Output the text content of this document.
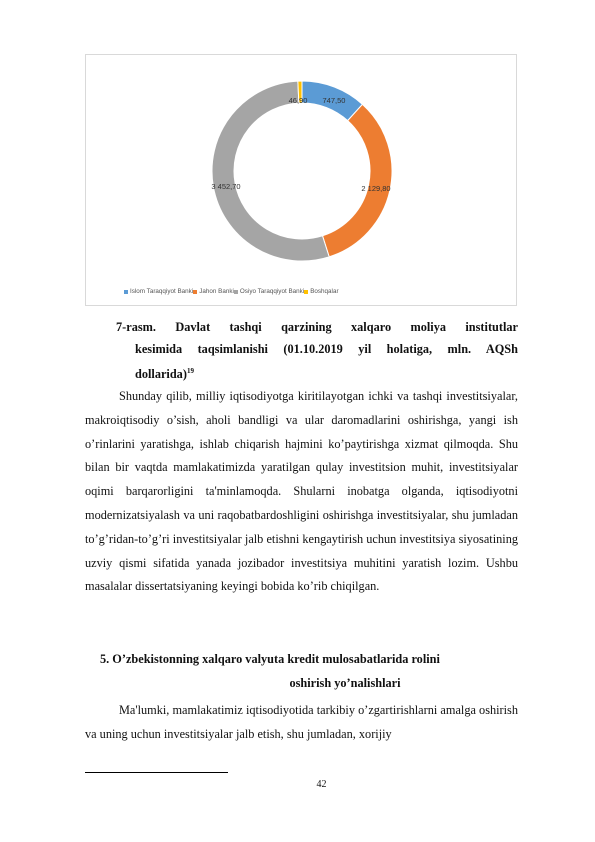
747,50
2 129,80
3 452,70
46,90
Islom Taraqqiyot Banki Jahon Banki Osiyo Taraqqiyot Banki Boshqalar
7-rasm. Davlat tashqi qarzining xalqaro moliya institutlar
kesimida taqsimlanishi (01.10.2019 yil holatiga, mln. AQSh
dollarida)$^{19}$
Shunday qilib, milliy iqtisodiyotga kiritilayotgan ichki va tashqi investitsiyalar, makroiqtisodiy o’sish, aholi bandligi va ular daromadlarini oshirishga, yangi ish o’rinlarini yaratishga, ishlab chiqarish hajmini ko’paytirishga xizmat qilmoqda. Shu bilan bir vaqtda mamlakatimizda yaratilgan qulay investitsion muhit, investitsiyalar oqimi barqarorligini ta'minlamoqda. Shularni inobatga olganda, iqtisodiyotni modernizatsiyalash va uni raqobatbardoshligini oshirishga investitsiyalar, shu jumladan to’g’ridan-to’g’ri investitsiyalar jalb etishni kengaytirish uchun investitsiya siyosatining uzviy qismi sifatida yanada jozibador investitsiya muhitini yaratish lozim. Ushbu masalalar dissertatsiyaning keyingi bobida ko’rib chiqilgan.
5. O’zbekistonning xalqaro valyuta kredit mulosabatlarida rolini
oshirish yo’nalishlari
Ma'lumki, mamlakatimiz iqtisodiyotida tarkibiy o’zgartirishlarni amalga oshirish va uning uchun investitsiyalar jalb etish, shu jumladan, xorijiy
42
